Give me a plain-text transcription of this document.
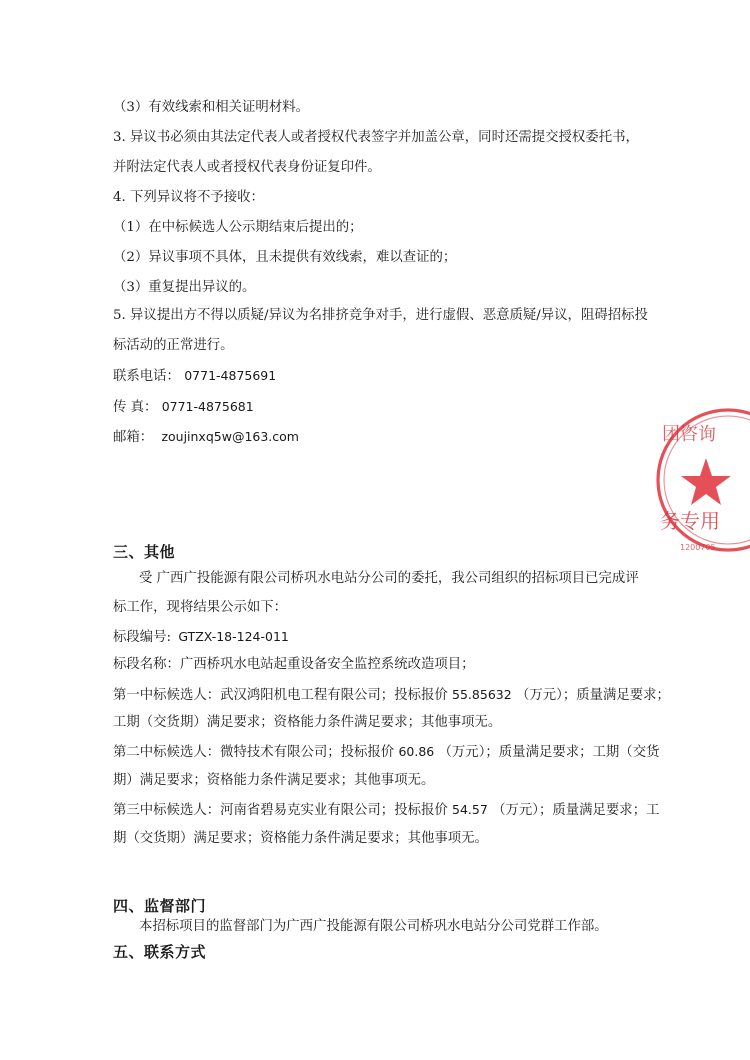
（3）有效线索和相关证明材料。
3. 异议书必须由其法定代表人或者授权代表签字并加盖公章，同时还需提交授权委托书，
并附法定代表人或者授权代表身份证复印件。
4. 下列异议将不予接收：
（1）在中标候选人公示期结束后提出的；
（2）异议事项不具体，且未提供有效线索，难以查证的；
（3）重复提出异议的。
5. 异议提出方不得以质疑/异议为名排挤竞争对手，进行虚假、恶意质疑/异议，阻碍招标投
标活动的正常进行。
联系电话： 0771-4875691
传 真： 0771-4875681
邮箱： zoujinxq5w@163.com	团咨询
务专用
1200705
三、其他
受 广西广投能源有限公司桥巩水电站分公司的委托，我公司组织的招标项目已完成评
标工作，现将结果公示如下：
标段编号: GTZX-18-124-011
标段名称：广西桥巩水电站起重设备安全监控系统改造项目；
第一中标候选人：武汉鸿阳机电工程有限公司；投标报价 55.85632 （万元）；质量满足要求；
工期（交货期）满足要求；资格能力条件满足要求；其他事项无。
第二中标候选人：微特技术有限公司；投标报价 60.86 （万元）；质量满足要求；工期（交货
期）满足要求；资格能力条件满足要求；其他事项无。
第三中标候选人：河南省碧易克实业有限公司；投标报价 54.57 （万元）；质量满足要求；工
期（交货期）满足要求；资格能力条件满足要求；其他事项无。
四、监督部门
本招标项目的监督部门为广西广投能源有限公司桥巩水电站分公司党群工作部。
五、联系方式
